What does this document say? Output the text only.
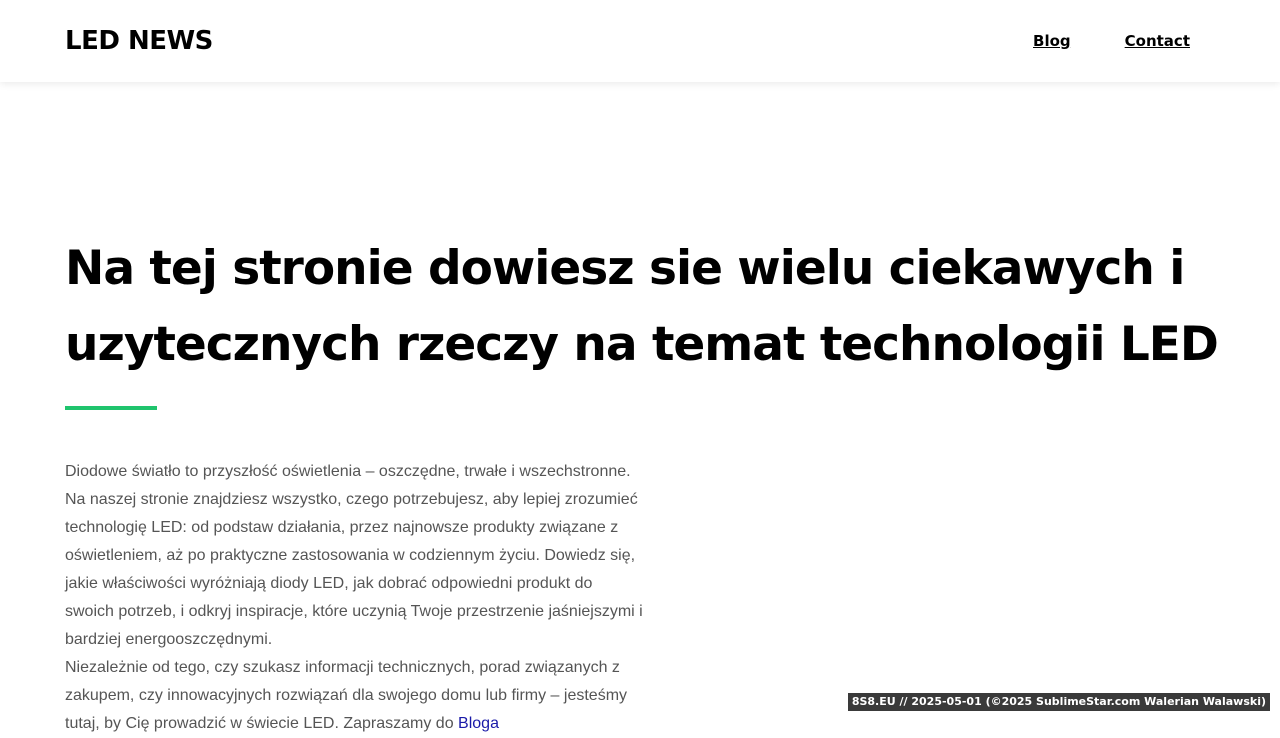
LED NEWS	Blog	Contact
Na tej stronie dowiesz sie wielu ciekawych i uzytecznych rzeczy na temat technologii LED

Diodowe światło to przyszłość oświetlenia – oszczędne, trwałe i wszechstronne. Na naszej stronie znajdziesz wszystko, czego potrzebujesz, aby lepiej zrozumieć technologię LED: od podstaw działania, przez najnowsze produkty związane z oświetleniem, aż po praktyczne zastosowania w codziennym życiu. Dowiedz się, jakie właściwości wyróżniają diody LED, jak dobrać odpowiedni produkt do swoich potrzeb, i odkryj inspiracje, które uczynią Twoje przestrzenie jaśniejszymi i bardziej energooszczędnymi.

Niezależnie od tego, czy szukasz informacji technicznych, porad związanych z zakupem, czy innowacyjnych rozwiązań dla swojego domu lub firmy – jesteśmy tutaj, by Cię prowadzić w świecie LED. Zapraszamy do Bloga

8S8.EU // 2025-05-01 (©2025 SublimeStar.com Walerian Walawski)
